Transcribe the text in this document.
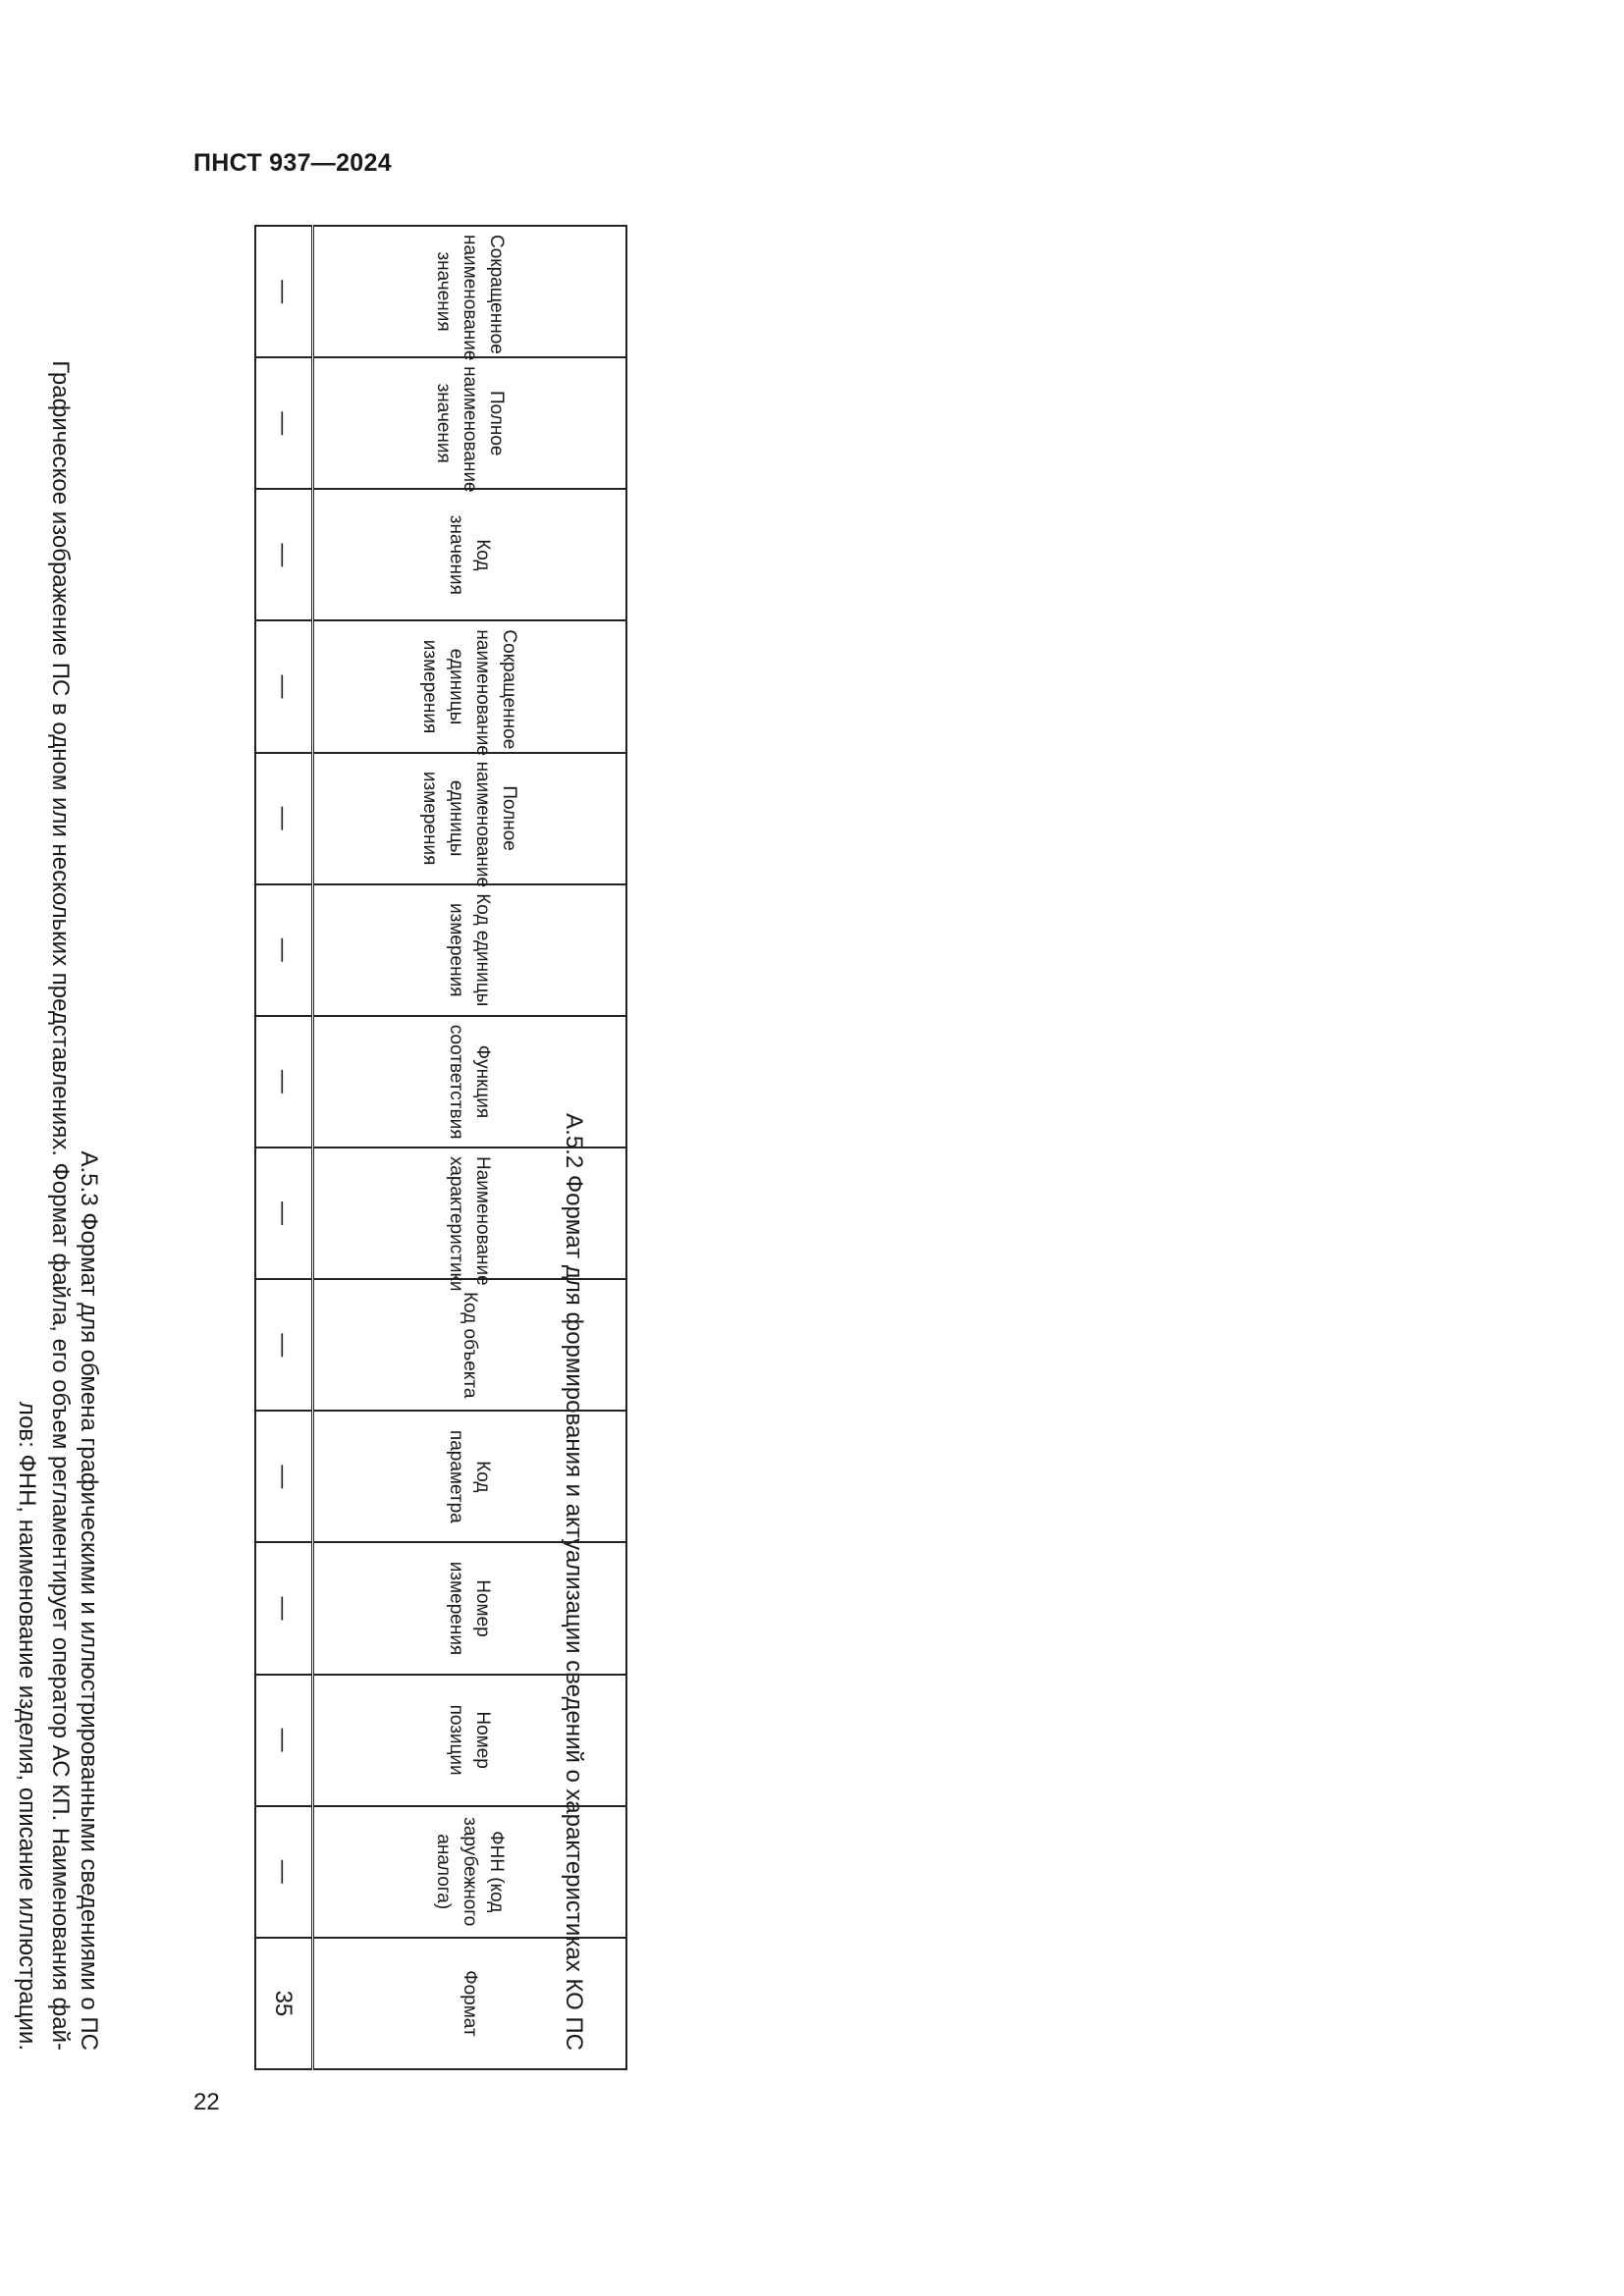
ПНСТ 937—2024
А.5.2 Формат для формирования и актуализации сведений о характеристиках КО ПС
Сокращенное наименование значения	Полное наименование значения	Код значения	Сокращенное наименование единицы измерения	Полное наименование единицы измерения	Код единицы измерения	Функция соответствия	Наименование характеристики	Код объекта	Код параметра	Номер измерения	Номер позиции	ФНН (код зарубежного аналога)	Формат
—	—	—	—	—	—	—	—	—	—	—	—	—	35
А.5.3 Формат для обмена графическими и иллюстрированными сведениями о ПС
Графическое изображение ПС в одном или нескольких представлениях. Формат файла, его объем регламентирует оператор АС КП. Наименования фай-
лов: ФНН, наименование изделия, описание иллюстрации.
22
